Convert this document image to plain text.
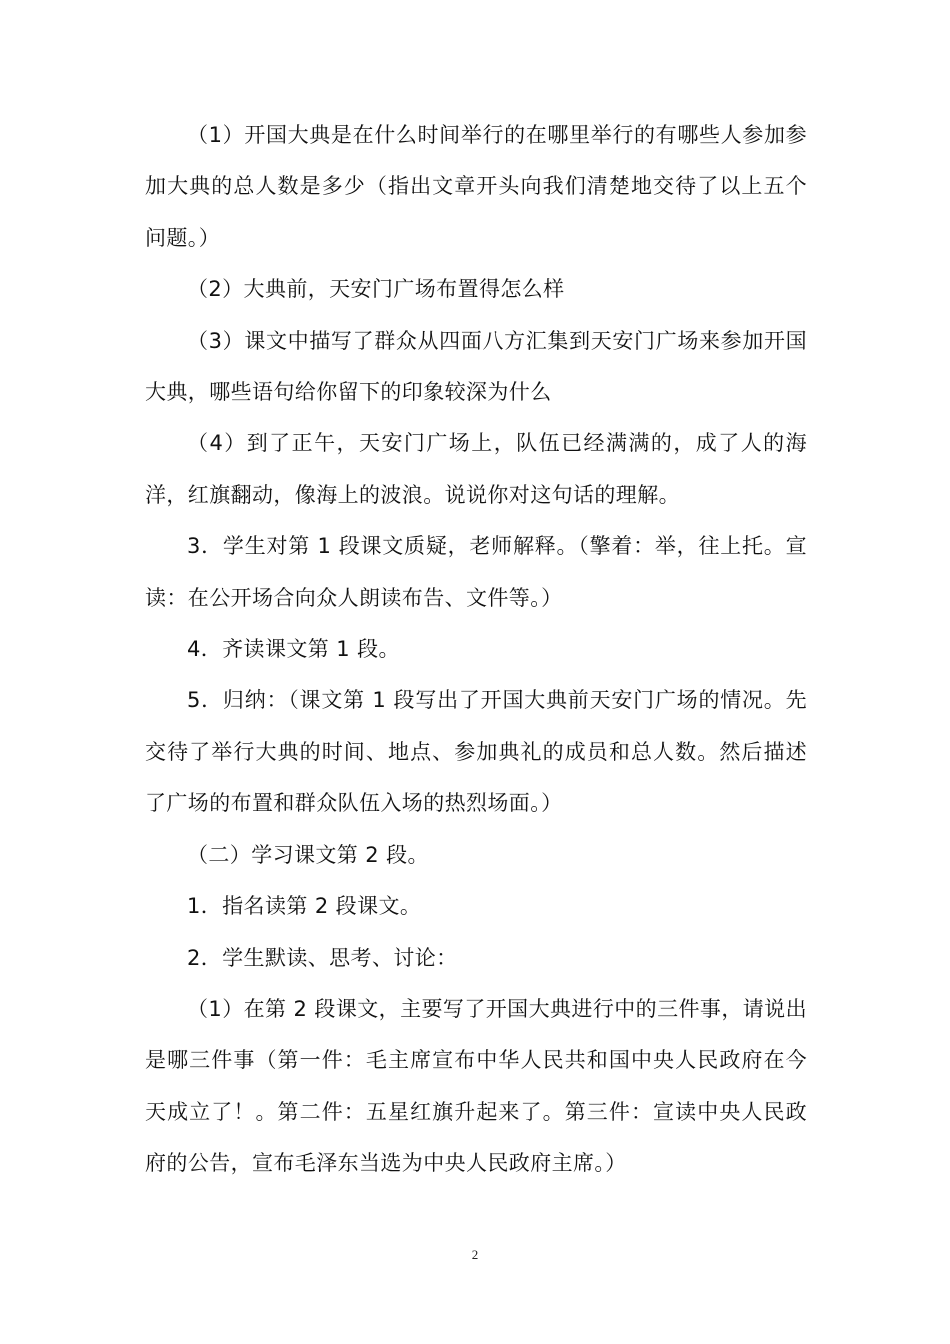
（1）开国大典是在什么时间举行的在哪里举行的有哪些人参加参加大典的总人数是多少（指出文章开头向我们清楚地交待了以上五个问题。）

（2）大典前，天安门广场布置得怎么样

（3）课文中描写了群众从四面八方汇集到天安门广场来参加开国大典，哪些语句给你留下的印象较深为什么

（4）到了正午，天安门广场上，队伍已经满满的，成了人的海洋，红旗翻动，像海上的波浪。说说你对这句话的理解。

3．学生对第 1 段课文质疑，老师解释。（擎着：举，往上托。宣读：在公开场合向众人朗读布告、文件等。）

4．齐读课文第 1 段。

5．归纳：（课文第 1 段写出了开国大典前天安门广场的情况。先交待了举行大典的时间、地点、参加典礼的成员和总人数。然后描述了广场的布置和群众队伍入场的热烈场面。）

（二）学习课文第 2 段。

1．指名读第 2 段课文。

2．学生默读、思考、讨论：

（1）在第 2 段课文，主要写了开国大典进行中的三件事，请说出是哪三件事（第一件：毛主席宣布中华人民共和国中央人民政府在今天成立了！。第二件：五星红旗升起来了。第三件：宣读中央人民政府的公告，宣布毛泽东当选为中央人民政府主席。）

2
